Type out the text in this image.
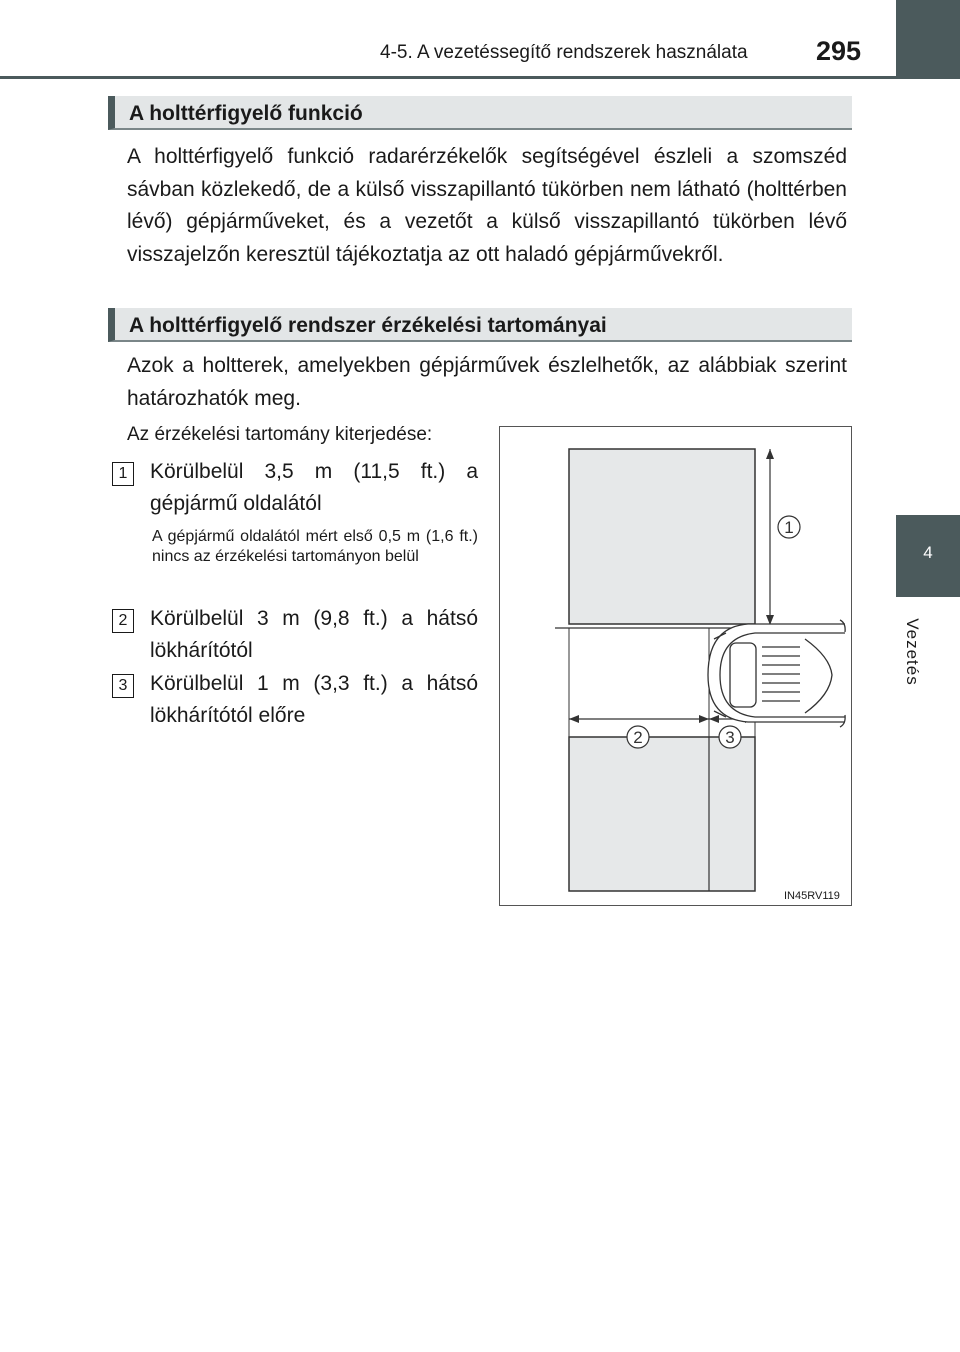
4-5. A vezetéssegítő rendszerek használata	295
4
Vezetés
A holttérfigyelő funkció

A holttérfigyelő funkció radarérzékelők segítségével észleli a szomszéd sávban közlekedő, de a külső visszapillantó tükörben nem látható (holttérben lévő) gépjárműveket, és a vezetőt a külső visszapillantó tükörben lévő visszajelzőn keresztül tájékoztatja az ott haladó gépjárművekről.

A holttérfigyelő rendszer érzékelési tartományai

Azok a holtterek, amelyekben gépjárművek észlelhetők, az alábbiak szerint határozhatók meg.

Az érzékelési tartomány kiterjedése:
1	Körülbelül 3,5 m (11,5 ft.) a gépjármű oldalától

A gépjármű oldalától mért első 0,5 m (1,6 ft.) nincs az érzékelési tartományon belül

2	Körülbelül 3 m (9,8 ft.) a hátsó lökhárítótól

3	Körülbelül 1 m (3,3 ft.) a hátsó lökhárítótól előre

1
2	3
IN45RV119
